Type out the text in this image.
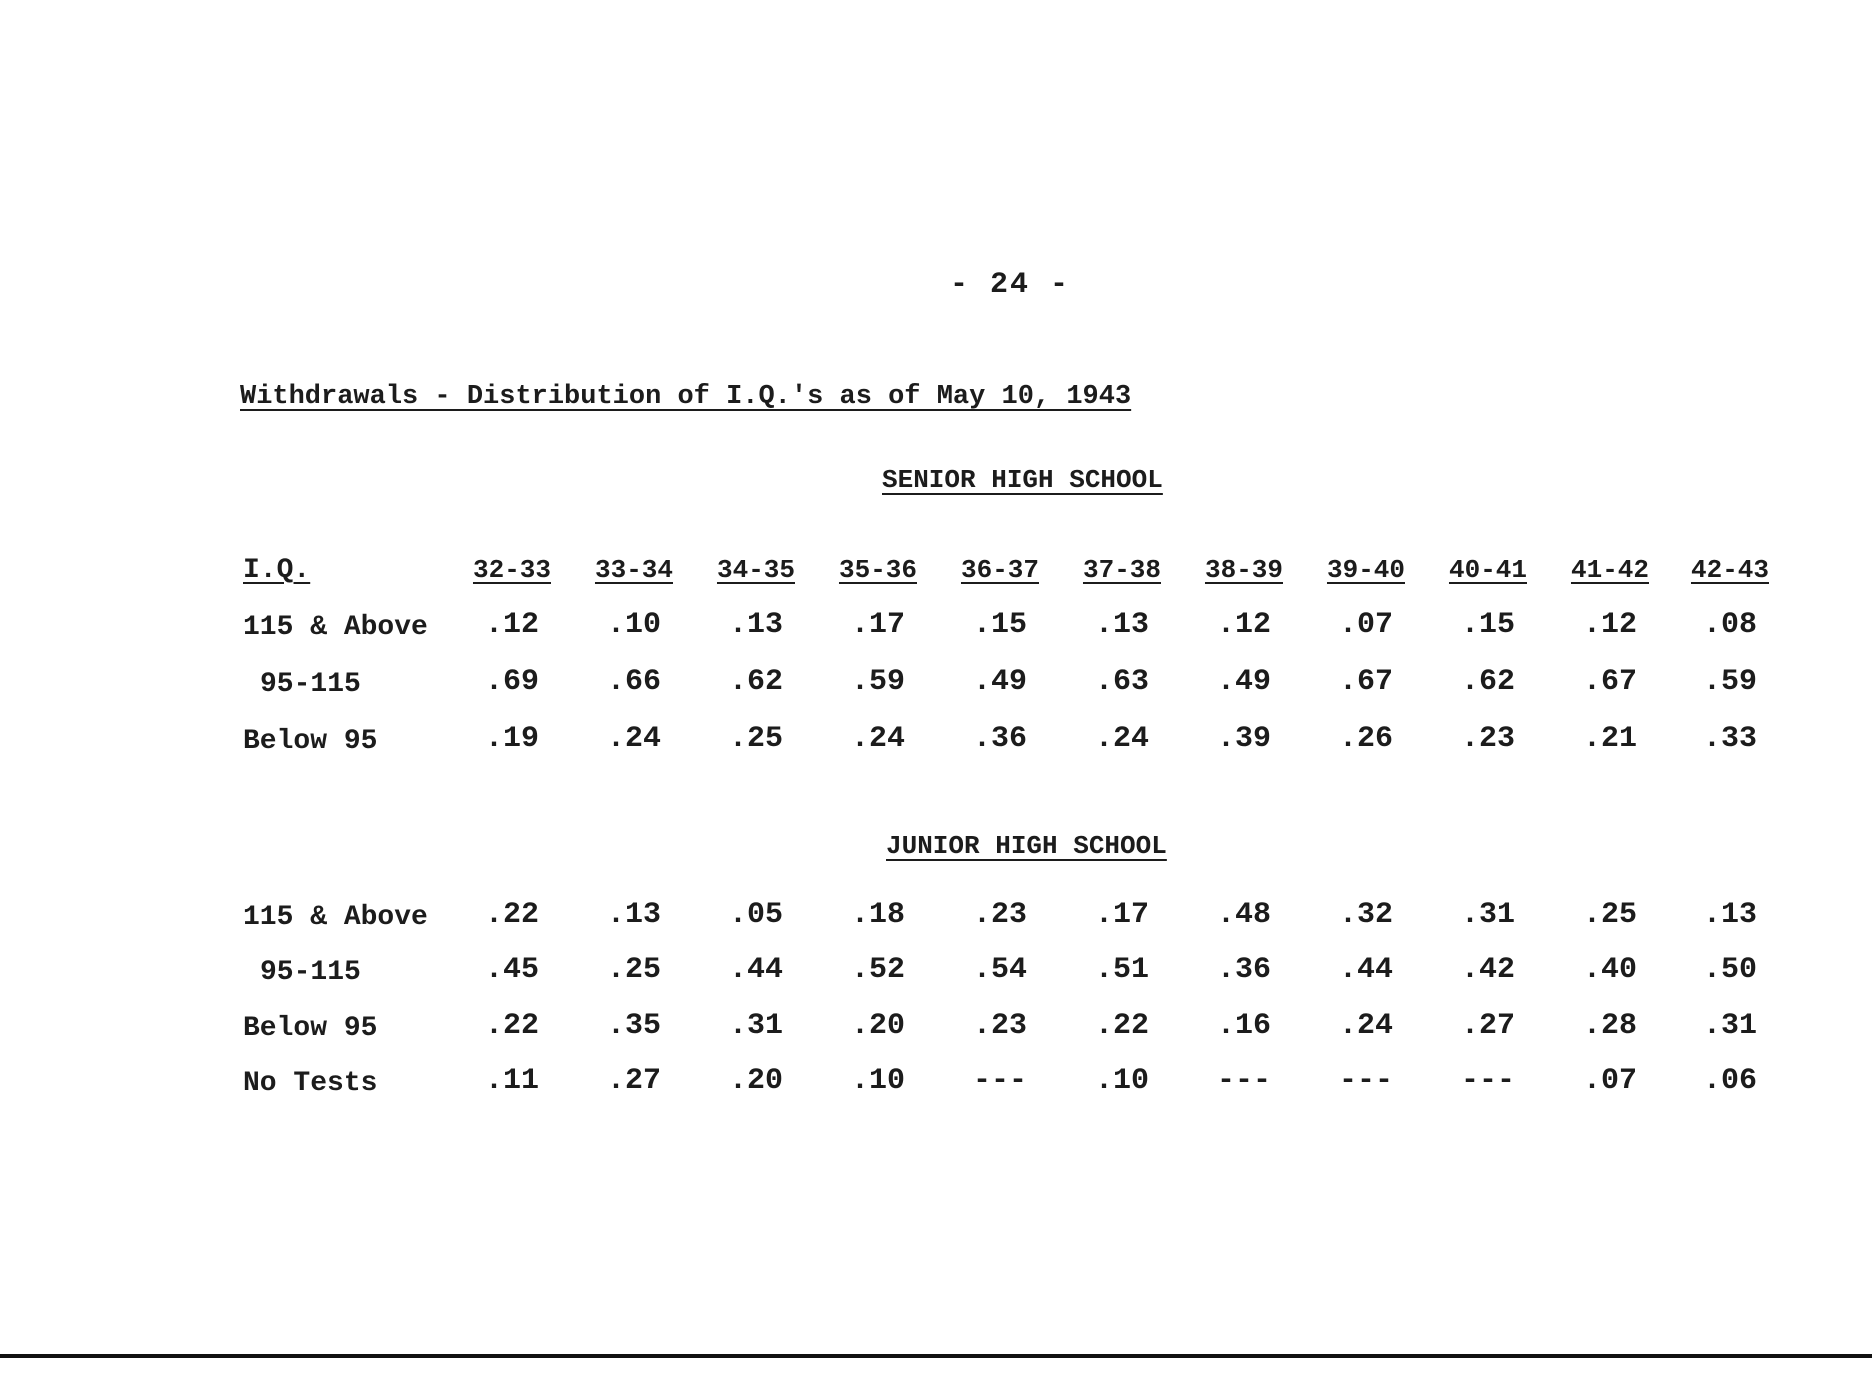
- 24 -
Withdrawals - Distribution of I.Q.'s as of May 10, 1943
SENIOR HIGH SCHOOL
I.Q.	32-33	33-34	34-35	35-36	36-37	37-38	38-39	39-40	40-41	41-42	42-43
115 & Above	.12	.10	.13	.17	.15	.13	.12	.07	.15	.12	.08
95-115	.69	.66	.62	.59	.49	.63	.49	.67	.62	.67	.59
Below 95	.19	.24	.25	.24	.36	.24	.39	.26	.23	.21	.33
JUNIOR HIGH SCHOOL
115 & Above	.22	.13	.05	.18	.23	.17	.48	.32	.31	.25	.13
95-115	.45	.25	.44	.52	.54	.51	.36	.44	.42	.40	.50
Below 95	.22	.35	.31	.20	.23	.22	.16	.24	.27	.28	.31
No Tests	.11	.27	.20	.10	---	.10	---	---	---	.07	.06
